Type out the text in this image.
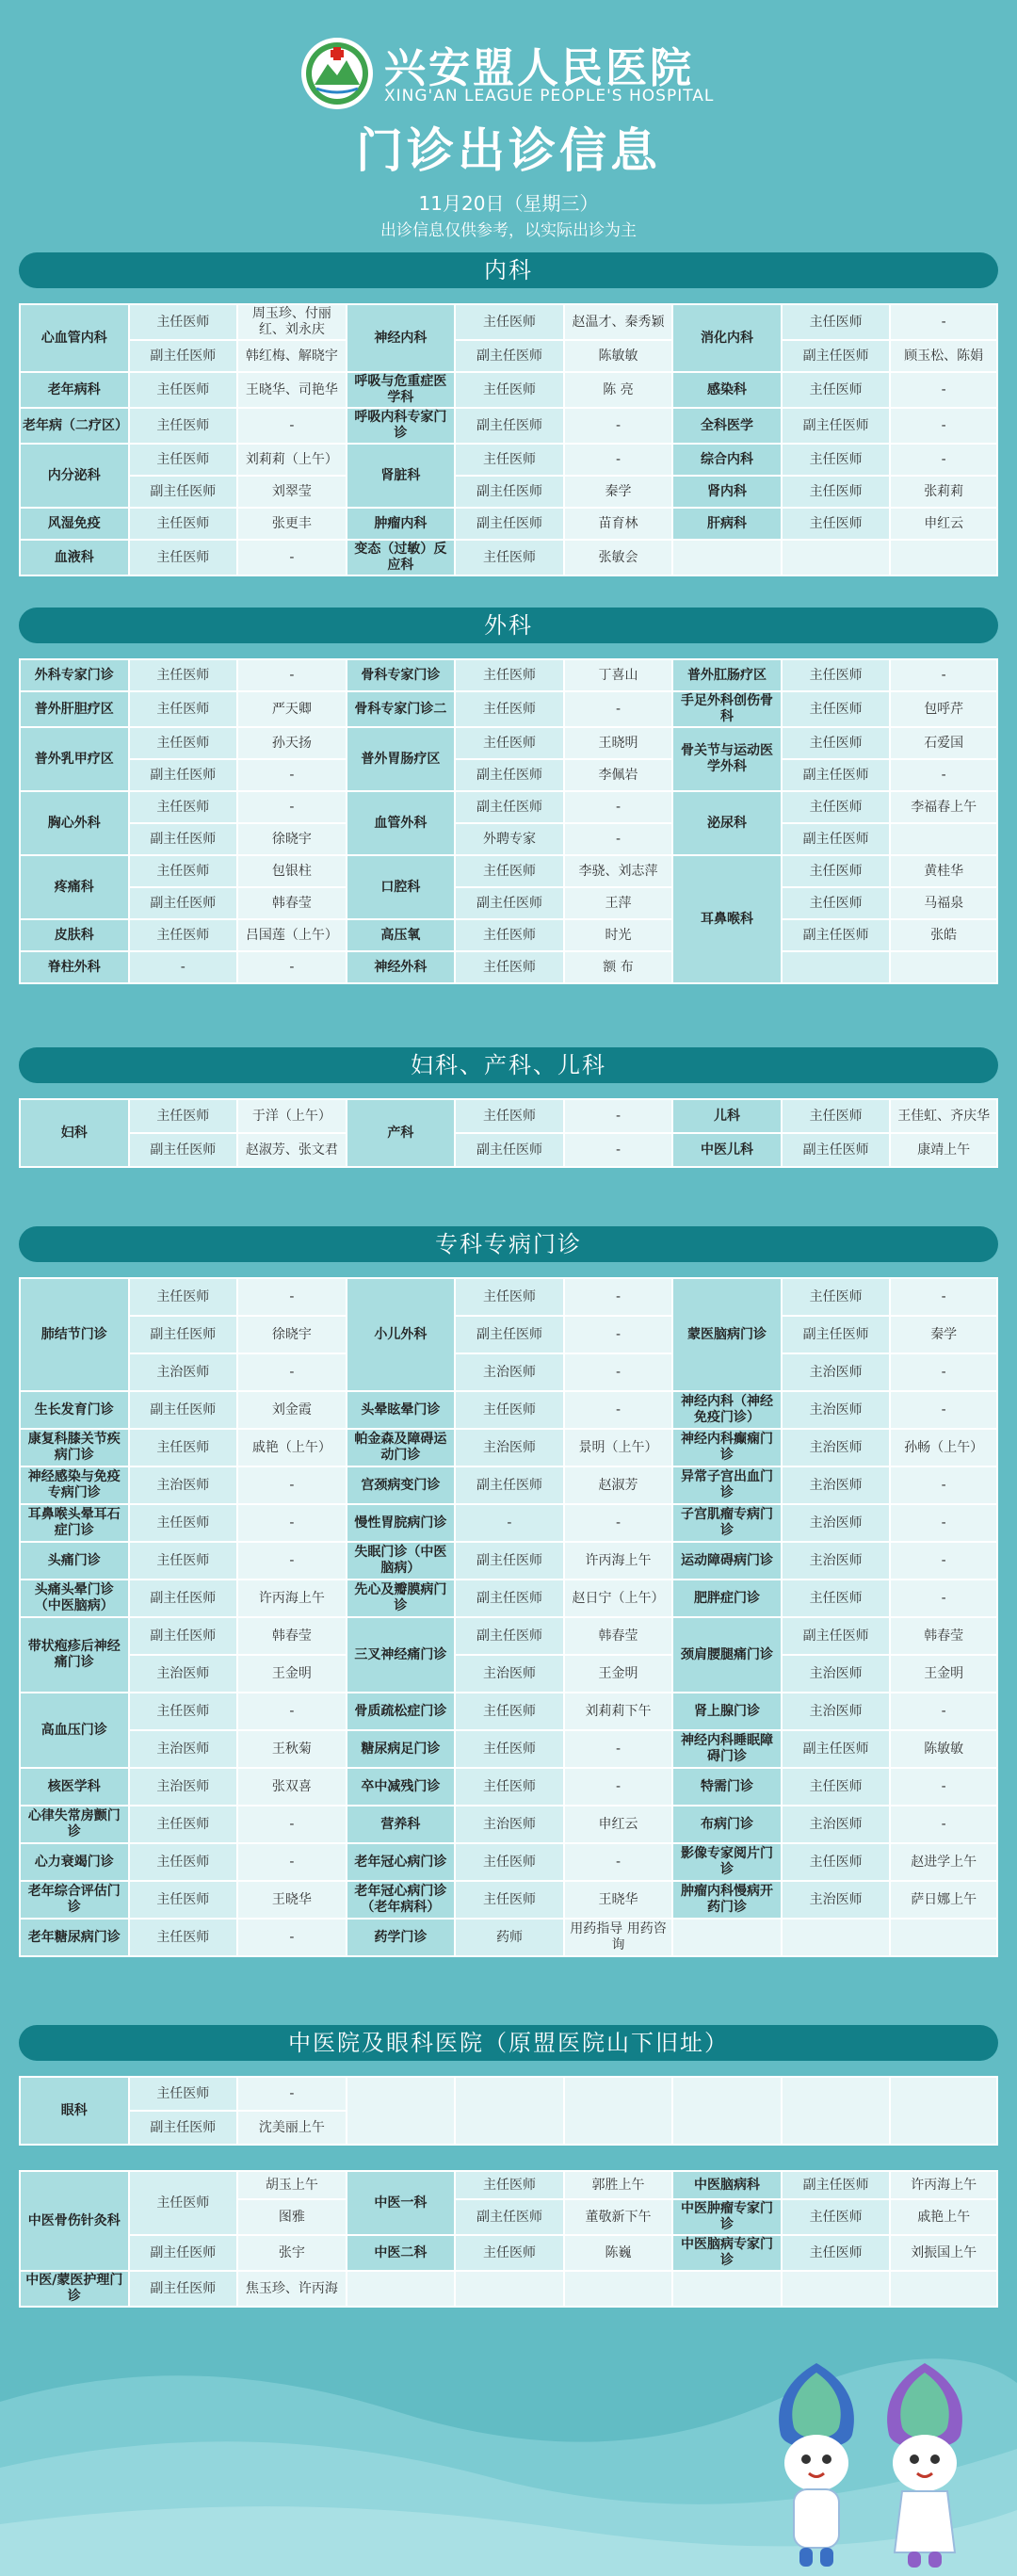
兴安盟人民医院
XING'AN LEAGUE PEOPLE'S HOSPITAL
门诊出诊信息
11月20日（星期三）
出诊信息仅供参考，以实际出诊为主
内科
心血管内科	主任医师	周玉珍、付丽红、刘永庆	神经内科	主任医师	赵温才、秦秀颖	消化内科	主任医师	-
	副主任医师	韩红梅、解晓宇		副主任医师	陈敏敏		副主任医师	顾玉松、陈娟
老年病科	主任医师	王晓华、司艳华	呼吸与危重症医学科	主任医师	陈 亮	感染科	主任医师	-
老年病（二疗区）	主任医师	-	呼吸内科专家门诊	副主任医师	-	全科医学	副主任医师	-
内分泌科	主任医师	刘莉莉（上午）	肾脏科	主任医师	-	综合内科	主任医师	-
	副主任医师	刘翠莹		副主任医师	秦学	肾内科	主任医师	张莉莉
风湿免疫	主任医师	张更丰	肿瘤内科	副主任医师	苗育林	肝病科	主任医师	申红云
血液科	主任医师	-	变态（过敏）反应科	主任医师	张敏会			
外科
外科专家门诊	主任医师	-	骨科专家门诊	主任医师	丁喜山	普外肛肠疗区	主任医师	-
普外肝胆疗区	主任医师	严天卿	骨科专家门诊二	主任医师	-	手足外科创伤骨科	主任医师	包呼芹
普外乳甲疗区	主任医师	孙天扬	普外胃肠疗区	主任医师	王晓明	骨关节与运动医学外科	主任医师	石爱国
	副主任医师	-		副主任医师	李佩岩		副主任医师	-
胸心外科	主任医师	-	血管外科	副主任医师	-	泌尿科	主任医师	李福春上午
	副主任医师	徐晓宇		外聘专家	-		副主任医师	
疼痛科	主任医师	包银柱	口腔科	主任医师	李骁、刘志萍	耳鼻喉科	主任医师	黄桂华
	副主任医师	韩春莹		副主任医师	王萍		主任医师	马福泉
皮肤科	主任医师	吕国莲（上午）	高压氧	主任医师	时光		副主任医师	张皓
脊柱外科	-	-	神经外科	主任医师	额 布			
妇科、产科、儿科
妇科	主任医师	于洋（上午）	产科	主任医师	-	儿科	主任医师	王佳虹、齐庆华
	副主任医师	赵淑芳、张文君		副主任医师	-	中医儿科	副主任医师	康靖上午
专科专病门诊
肺结节门诊	主任医师	-	小儿外科	主任医师	-	蒙医脑病门诊	主任医师	-
	副主任医师	徐晓宇		副主任医师	-		副主任医师	秦学
	主治医师	-		主治医师	-		主治医师	-
生长发育门诊	副主任医师	刘金霞	头晕眩晕门诊	主任医师	-	神经内科（神经免疫门诊）	主治医师	-
康复科膝关节疾病门诊	主任医师	戚艳（上午）	帕金森及障碍运动门诊	主治医师	景明（上午）	神经内科癫痫门诊	主治医师	孙畅（上午）
神经感染与免疫专病门诊	主治医师	-	宫颈病变门诊	副主任医师	赵淑芳	异常子宫出血门诊	主治医师	-
耳鼻喉头晕耳石症门诊	主任医师	-	慢性胃脘病门诊	-	-	子宫肌瘤专病门诊	主治医师	-
头痛门诊	主任医师	-	失眠门诊（中医脑病）	副主任医师	许丙海上午	运动障碍病门诊	主治医师	-
头痛头晕门诊（中医脑病）	副主任医师	许丙海上午	先心及瓣膜病门诊	副主任医师	赵日宁（上午）	肥胖症门诊	主任医师	-
带状疱疹后神经痛门诊	副主任医师	韩春莹	三叉神经痛门诊	副主任医师	韩春莹	颈肩腰腿痛门诊	副主任医师	韩春莹
	主治医师	王金明		主治医师	王金明		主治医师	王金明
高血压门诊	主任医师	-	骨质疏松症门诊	主任医师	刘莉莉下午	肾上腺门诊	主治医师	-
	主治医师	王秋菊	糖尿病足门诊	主任医师	-	神经内科睡眠障碍门诊	副主任医师	陈敏敏
核医学科	主治医师	张双喜	卒中减残门诊	主任医师	-	特需门诊	主任医师	-
心律失常房颤门诊	主任医师	-	营养科	主治医师	申红云	布病门诊	主治医师	-
心力衰竭门诊	主任医师	-	老年冠心病门诊	主任医师	-	影像专家阅片门诊	主任医师	赵进学上午
老年综合评估门诊	主任医师	王晓华	老年冠心病门诊（老年病科）	主任医师	王晓华	肿瘤内科慢病开药门诊	主治医师	萨日娜上午
老年糖尿病门诊	主任医师	-	药学门诊	药师	用药指导 用药咨询			
中医院及眼科医院（原盟医院山下旧址）
眼科	主任医师	-						
	副主任医师	沈美丽上午						
中医骨伤针灸科	主任医师	胡玉上午	中医一科	主任医师	郭胜上午	中医脑病科	副主任医师	许丙海上午
		图雅		副主任医师	董敬新下午	中医肿瘤专家门诊	主任医师	戚艳上午
	副主任医师	张宇	中医二科	主任医师	陈巍	中医脑病专家门诊	主任医师	刘振国上午
中医/蒙医护理门诊	副主任医师	焦玉珍、许丙海						
